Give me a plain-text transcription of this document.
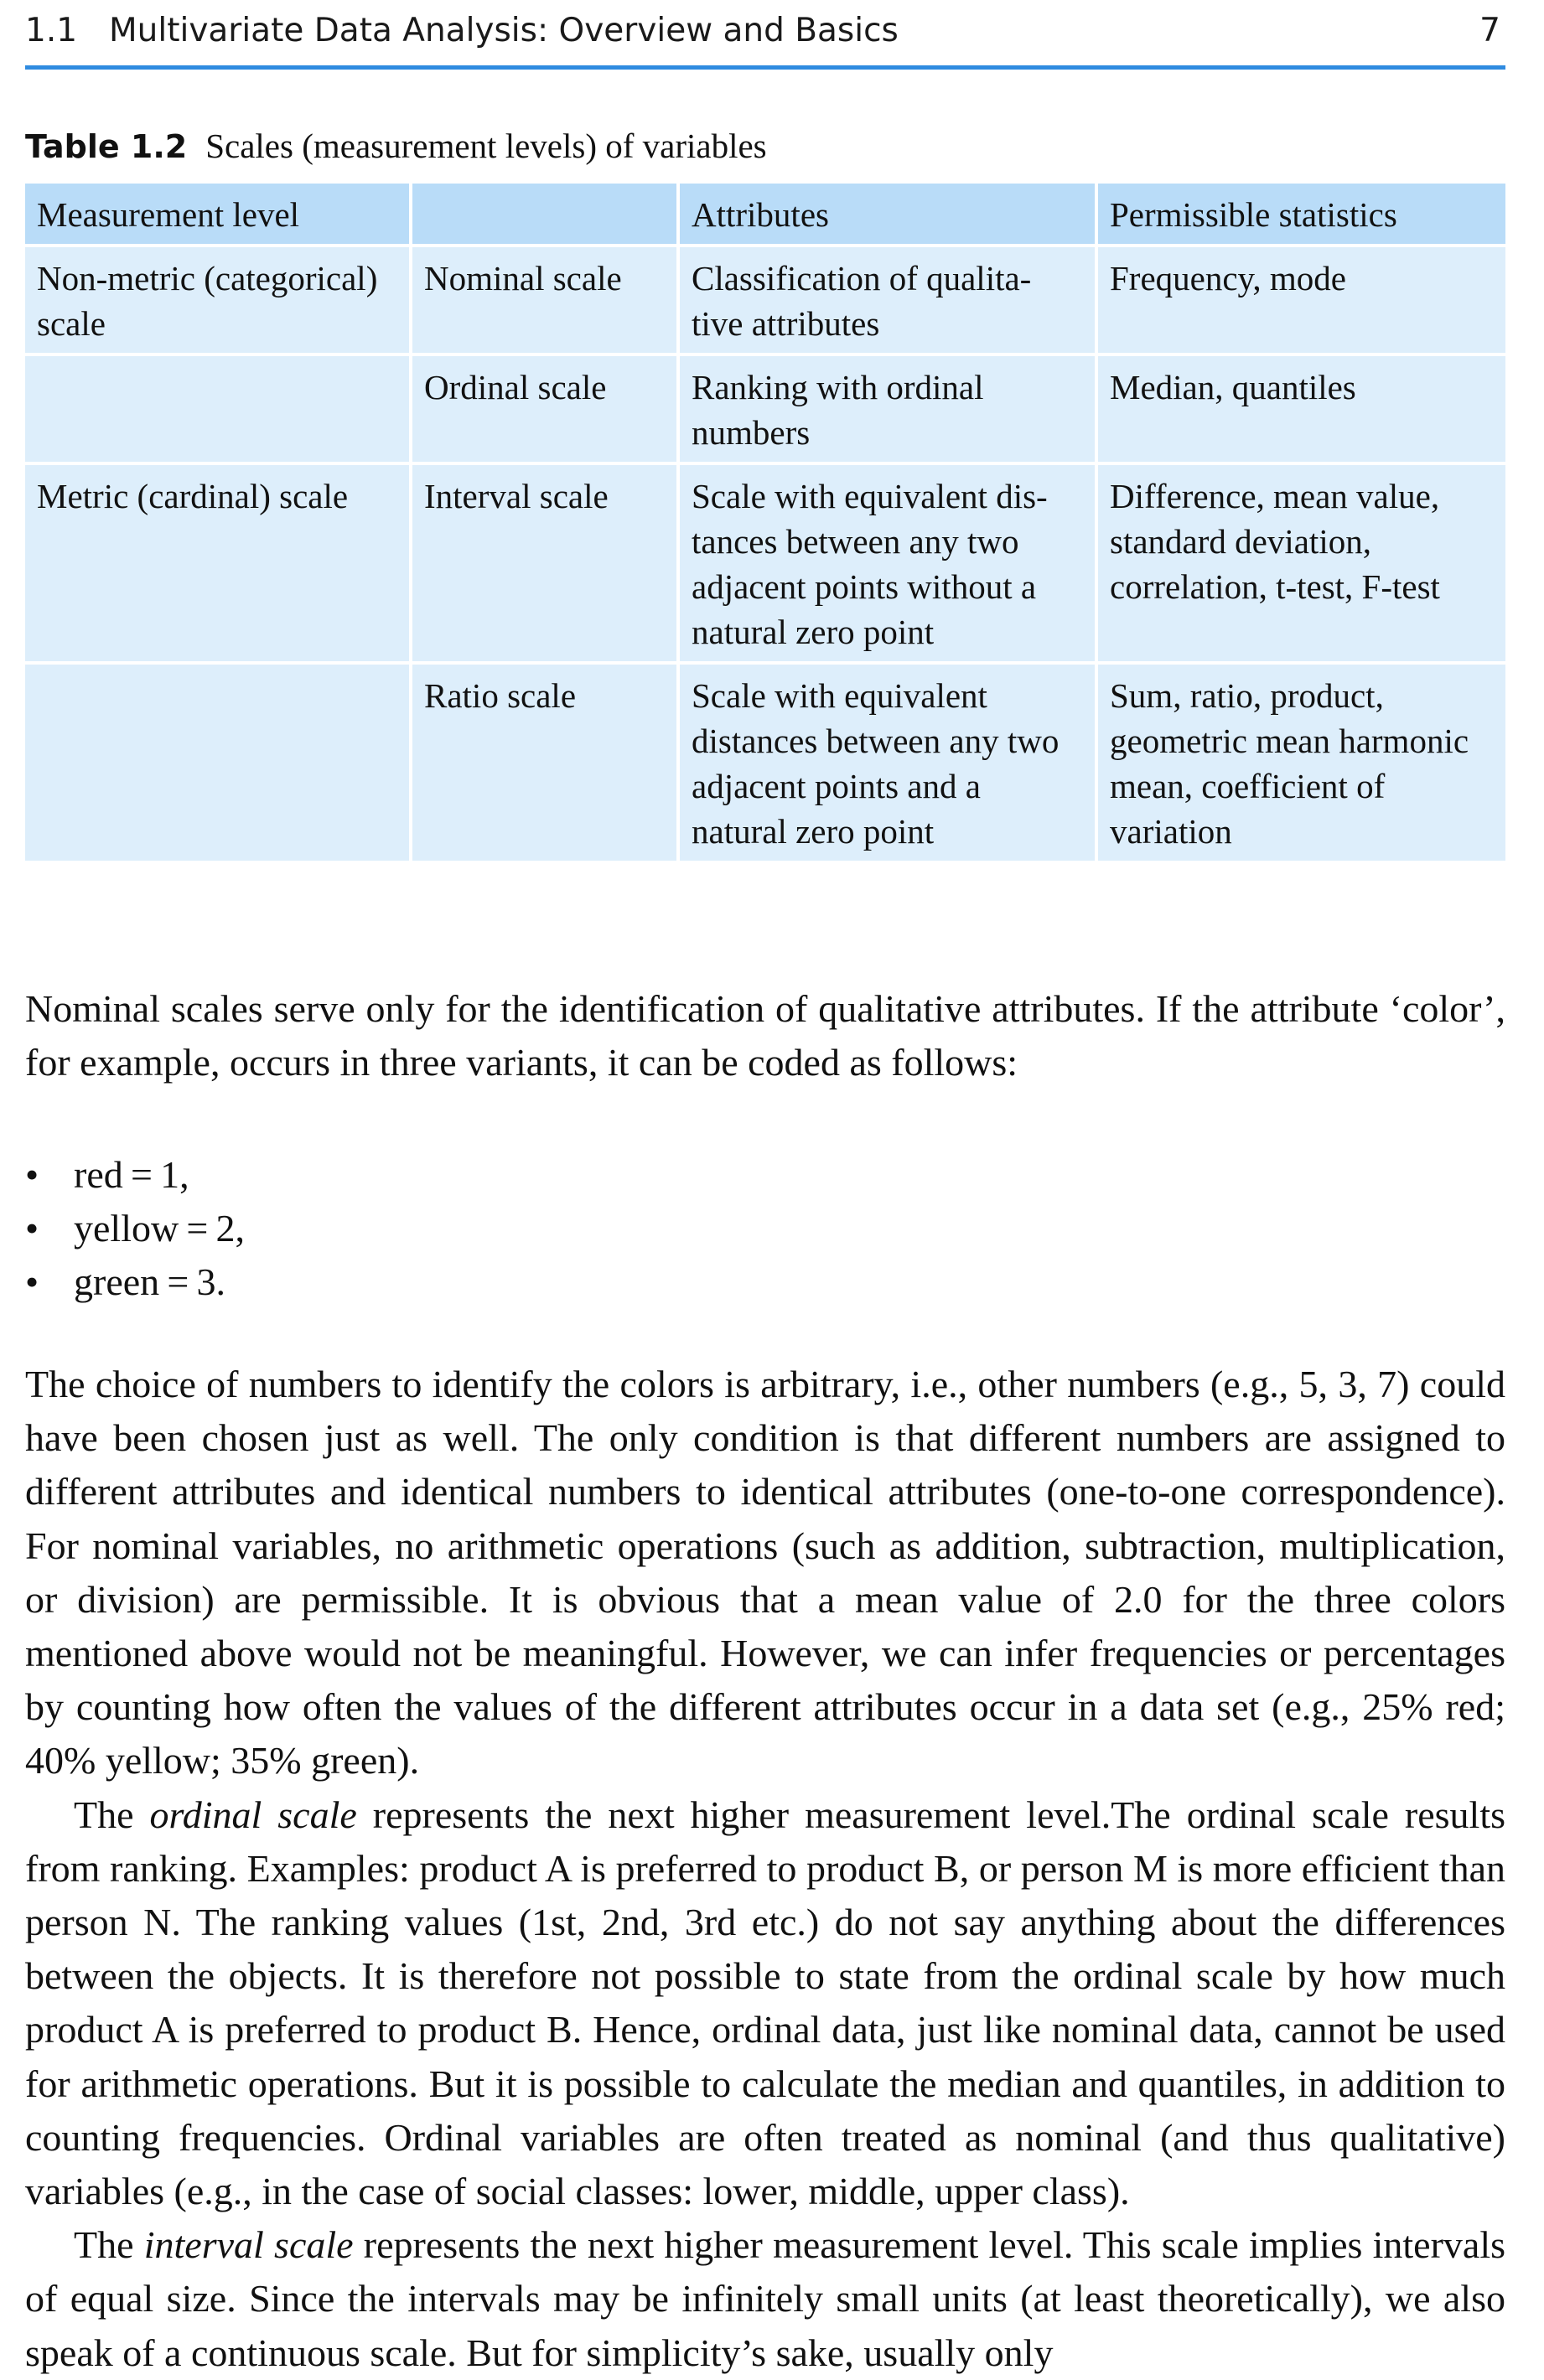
1.1 Multivariate Data Analysis: Overview and Basics	7
Table 1.2 Scales (measurement levels) of variables
Measurement level		Attributes	Permissible statistics
Non-metric (categorical) scale	Nominal scale	Classification of qualita- tive attributes	Frequency, mode
	Ordinal scale	Ranking with ordinal numbers	Median, quantiles
Metric (cardinal) scale	Interval scale	Scale with equivalent dis- tances between any two adjacent points without a natural zero point	Difference, mean value, standard deviation, correlation, t-test, F-test
	Ratio scale	Scale with equivalent distances between any two adjacent points and a natural zero point	Sum, ratio, product, geometric mean harmonic mean, coefficient of variation

Nominal scales serve only for the identification of qualitative attributes. If the attribute ‘color’, for example, occurs in three variants, it can be coded as follows:

• red = 1,
• yellow = 2,
• green = 3.

The choice of numbers to identify the colors is arbitrary, i.e., other numbers (e.g., 5, 3, 7) could have been chosen just as well. The only condition is that different numbers are assigned to different attributes and identical numbers to identical attributes (one-to-one correspondence). For nominal variables, no arithmetic operations (such as addition, subtraction, multiplication, or division) are permissible. It is obvious that a mean value of 2.0 for the three colors mentioned above would not be meaningful. However, we can infer frequencies or percentages by counting how often the values of the different attributes occur in a data set (e.g., 25% red; 40% yellow; 35% green).

The ordinal scale represents the next higher measurement level.The ordinal scale results from ranking. Examples: product A is preferred to product B, or person M is more efficient than person N. The ranking values (1st, 2nd, 3rd etc.) do not say anything about the differences between the objects. It is therefore not possible to state from the ordinal scale by how much product A is preferred to product B. Hence, ordinal data, just like nominal data, cannot be used for arithmetic operations. But it is possible to calculate the median and quantiles, in addition to counting frequencies. Ordinal variables are often treated as nominal (and thus qualitative) variables (e.g., in the case of social classes: lower, middle, upper class).

The interval scale represents the next higher measurement level. This scale implies intervals of equal size. Since the intervals may be infinitely small units (at least theoretically), we also speak of a continuous scale. But for simplicity’s sake, usually only
